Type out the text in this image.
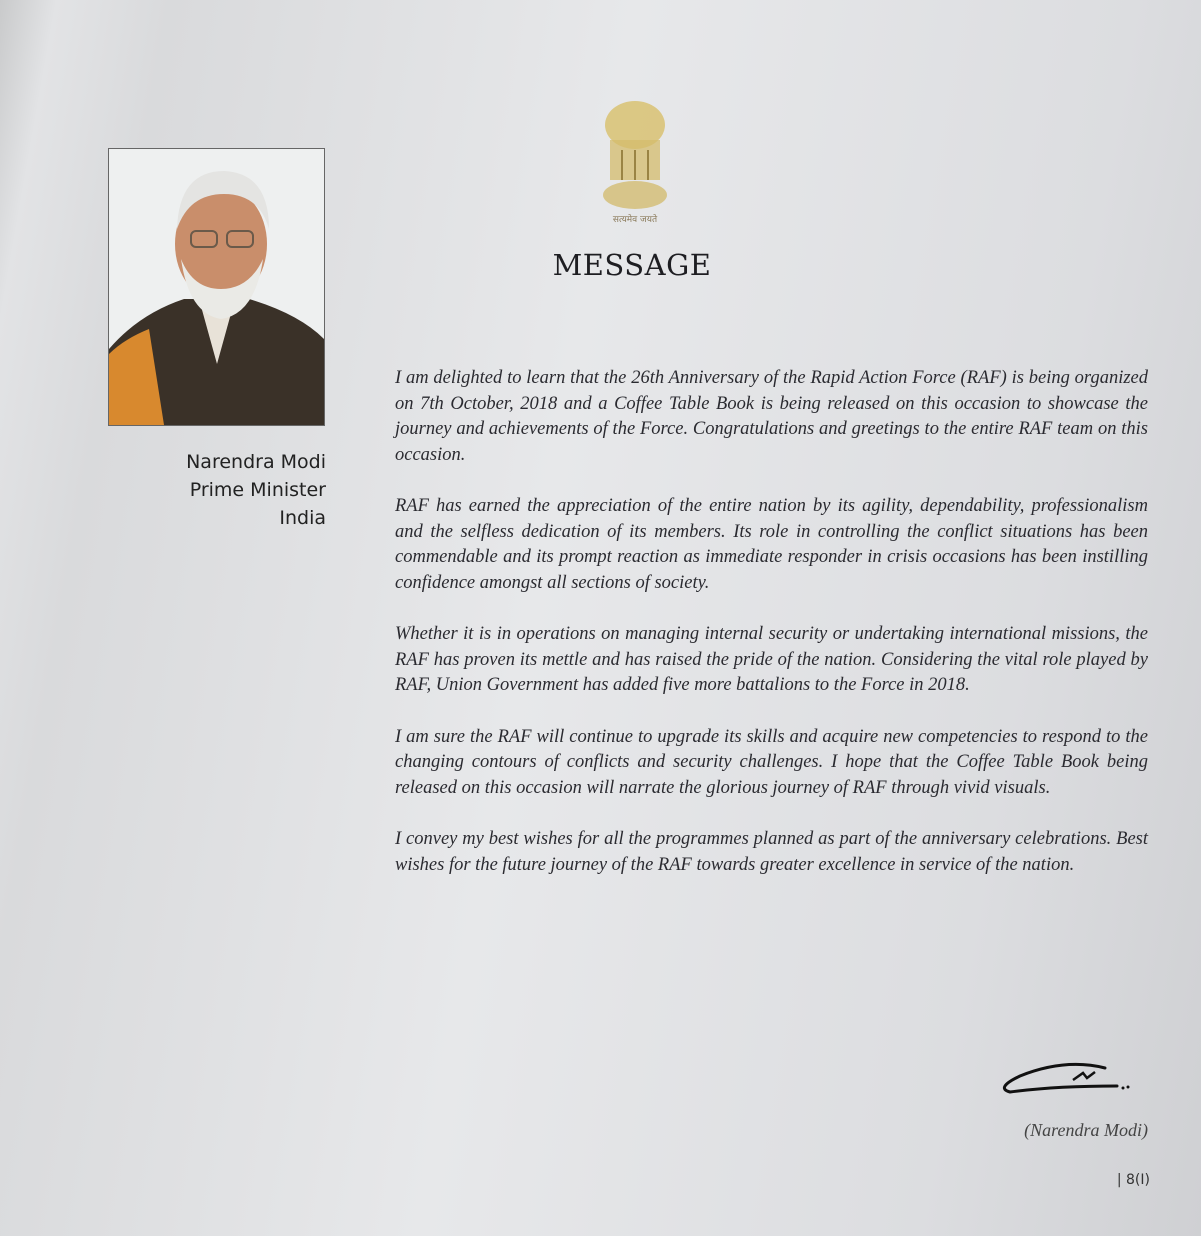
Narendra Modi
Prime Minister
India
सत्यमेव जयते
MESSAGE

I am delighted to learn that the 26th Anniversary of the Rapid Action Force (RAF) is being organized on 7th October, 2018 and a Coffee Table Book is being released on this occasion to showcase the journey and achievements of the Force. Congratulations and greetings to the entire RAF team on this occasion.

RAF has earned the appreciation of the entire nation by its agility, dependability, professionalism and the selfless dedication of its members. Its role in controlling the conflict situations has been commendable and its prompt reaction as immediate responder in crisis occasions has been instilling confidence amongst all sections of society.

Whether it is in operations on managing internal security or undertaking international missions, the RAF has proven its mettle and has raised the pride of the nation. Considering the vital role played by RAF, Union Government has added five more battalions to the Force in 2018.

I am sure the RAF will continue to upgrade its skills and acquire new competencies to respond to the changing contours of conflicts and security challenges. I hope that the Coffee Table Book being released on this occasion will narrate the glorious journey of RAF through vivid visuals.

I convey my best wishes for all the programmes planned as part of the anniversary celebrations. Best wishes for the future journey of the RAF towards greater excellence in service of the nation.

(Narendra Modi)
| 8(I)
